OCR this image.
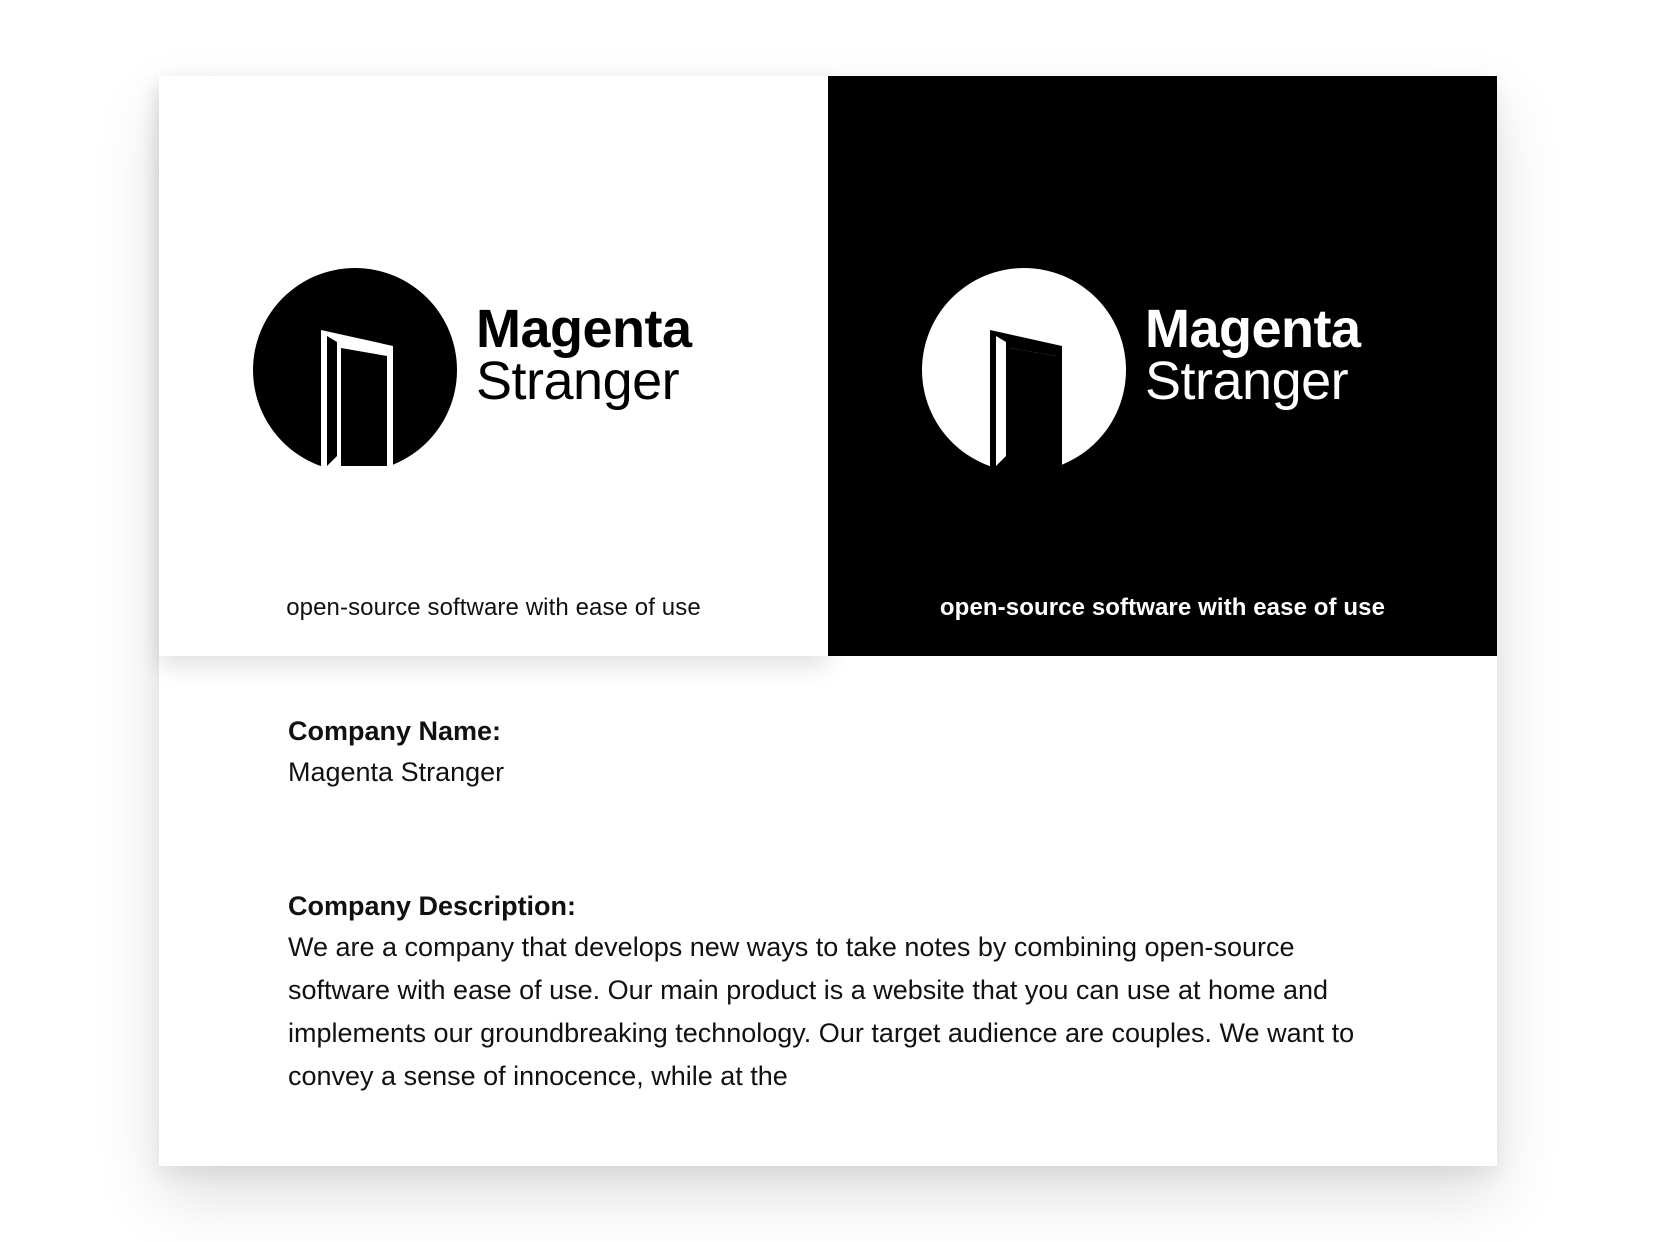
Magenta
Stranger
open-source software with ease of use
Magenta
Stranger
open-source software with ease of use

Company Name:

Magenta Stranger

Company Description:

We are a company that develops new ways to take notes by combining open-source software with ease of use. Our main product is a website that you can use at home and implements our groundbreaking technology. Our target audience are couples. We want to convey a sense of innocence, while at the
